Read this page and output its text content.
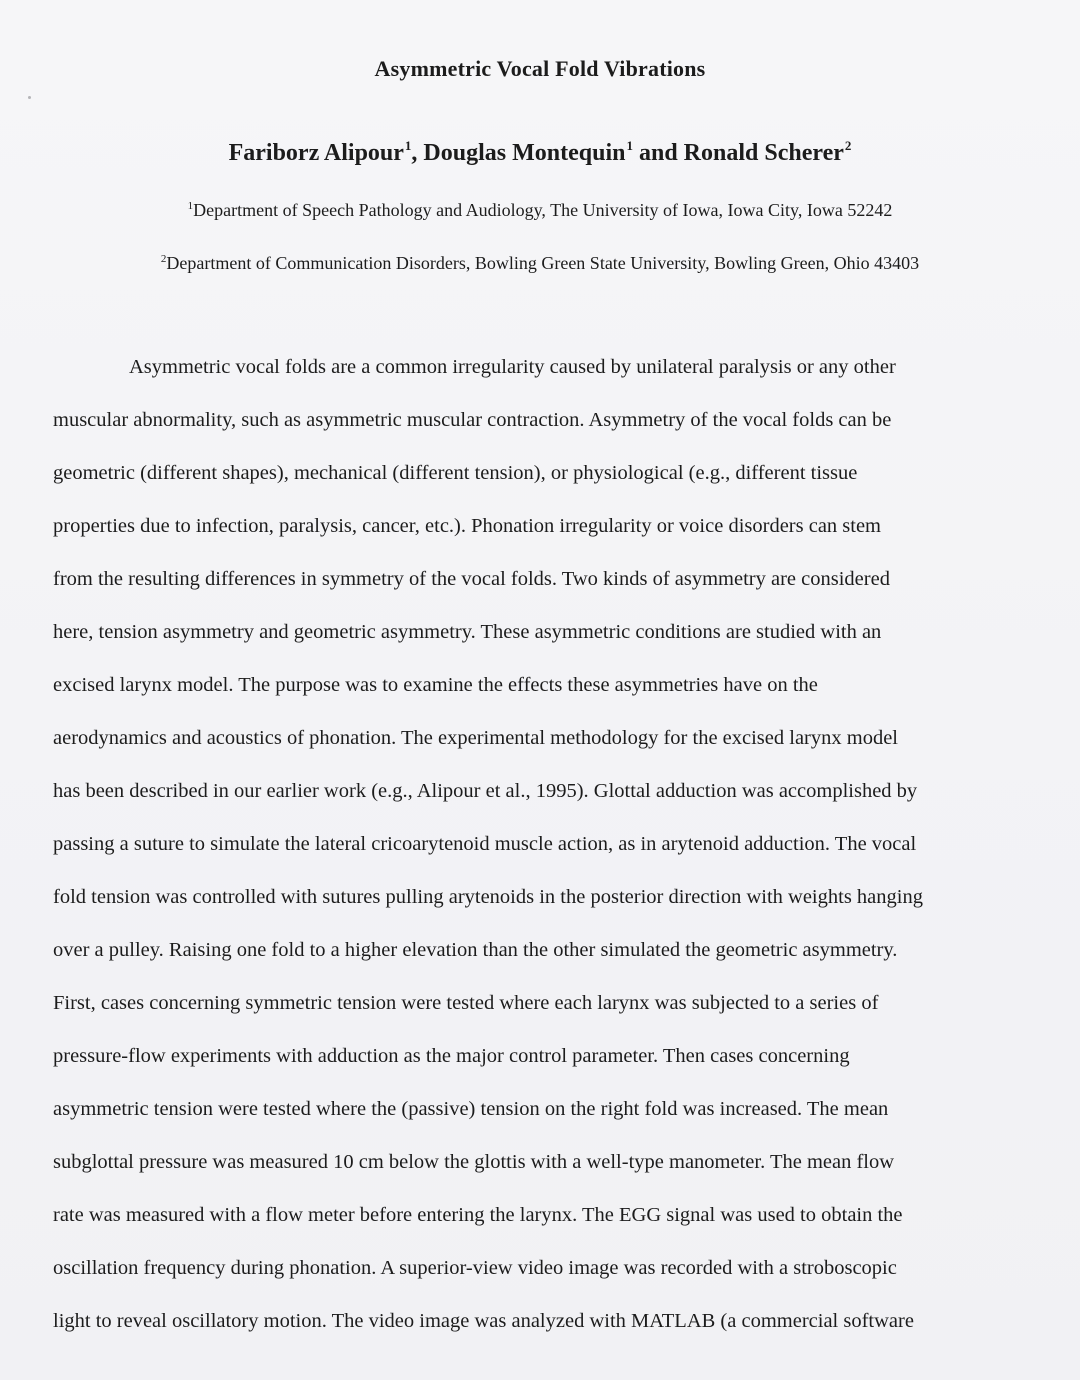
Asymmetric Vocal Fold Vibrations
Fariborz Alipour$^1$, Douglas Montequin$^1$ and Ronald Scherer$^2$
$^1$Department of Speech Pathology and Audiology, The University of Iowa, Iowa City, Iowa 52242
$^2$Department of Communication Disorders, Bowling Green State University, Bowling Green, Ohio 43403
Asymmetric vocal folds are a common irregularity caused by unilateral paralysis or any other
muscular abnormality, such as asymmetric muscular contraction. Asymmetry of the vocal folds can be
geometric (different shapes), mechanical (different tension), or physiological (e.g., different tissue
properties due to infection, paralysis, cancer, etc.). Phonation irregularity or voice disorders can stem
from the resulting differences in symmetry of the vocal folds. Two kinds of asymmetry are considered
here, tension asymmetry and geometric asymmetry. These asymmetric conditions are studied with an
excised larynx model. The purpose was to examine the effects these asymmetries have on the
aerodynamics and acoustics of phonation. The experimental methodology for the excised larynx model
has been described in our earlier work (e.g., Alipour et al., 1995). Glottal adduction was accomplished by
passing a suture to simulate the lateral cricoarytenoid muscle action, as in arytenoid adduction. The vocal
fold tension was controlled with sutures pulling arytenoids in the posterior direction with weights hanging
over a pulley. Raising one fold to a higher elevation than the other simulated the geometric asymmetry.
First, cases concerning symmetric tension were tested where each larynx was subjected to a series of
pressure-flow experiments with adduction as the major control parameter. Then cases concerning
asymmetric tension were tested where the (passive) tension on the right fold was increased. The mean
subglottal pressure was measured 10 cm below the glottis with a well-type manometer. The mean flow
rate was measured with a flow meter before entering the larynx. The EGG signal was used to obtain the
oscillation frequency during phonation. A superior-view video image was recorded with a stroboscopic
light to reveal oscillatory motion. The video image was analyzed with MATLAB (a commercial software
